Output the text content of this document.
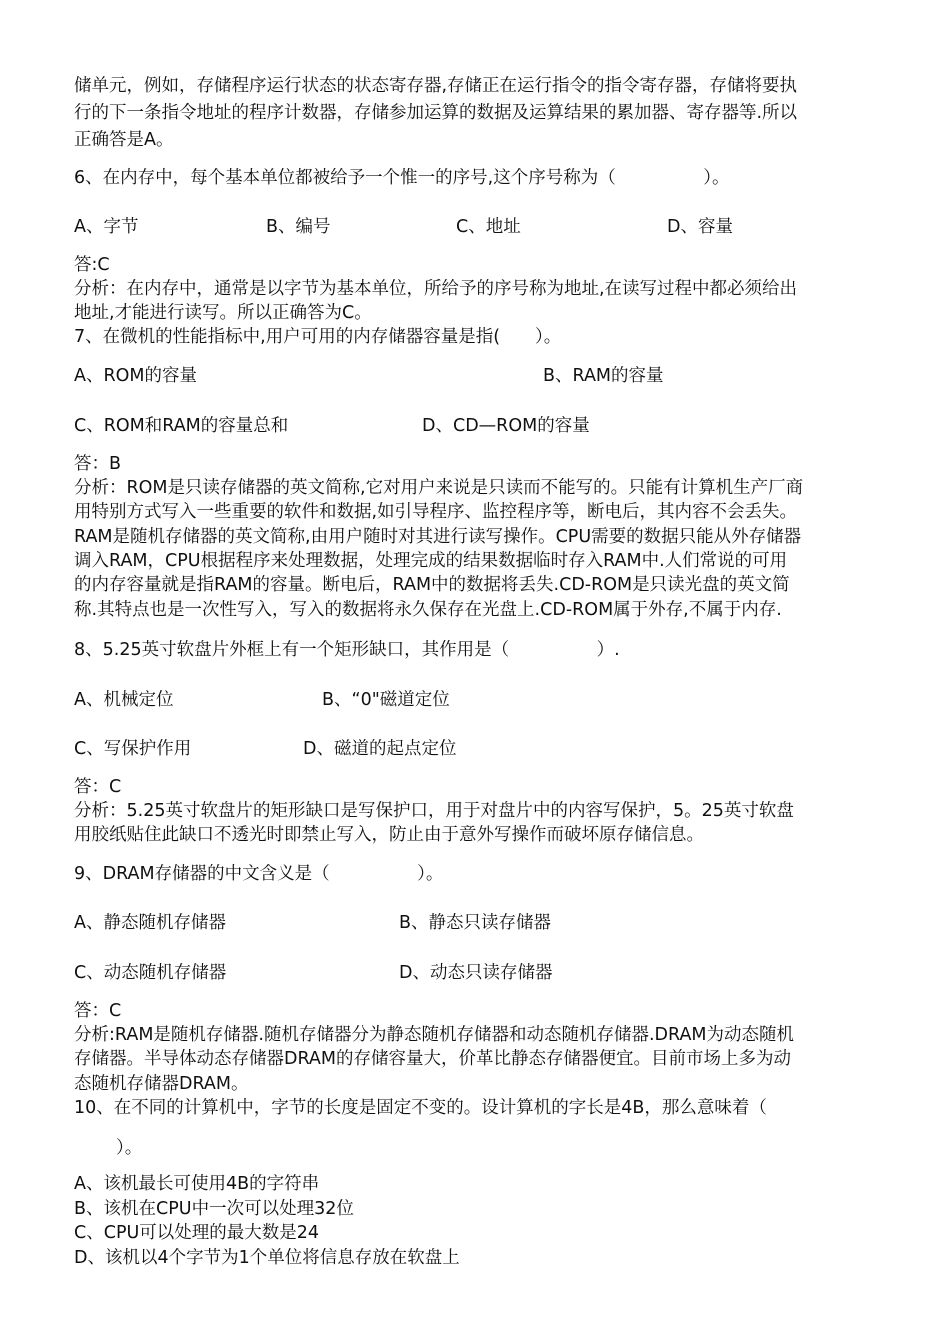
储单元，例如，存储程序运行状态的状态寄存器,存储正在运行指令的指令寄存器，存储将要执
行的下一条指令地址的程序计数器，存储参加运算的数据及运算结果的累加器、寄存器等.所以
正确答是A。
6、在内存中，每个基本单位都被给予一个惟一的序号,这个序号称为（　　　　　）。
A、字节	B、编号	C、地址	D、容量
答:C
分析：在内存中，通常是以字节为基本单位，所给予的序号称为地址,在读写过程中都必须给出
地址,才能进行读写。所以正确答为C。
7、在微机的性能指标中,用户可用的内存储器容量是指(　　）。
A、ROM的容量	B、RAM的容量
C、ROM和RAM的容量总和	D、CD—ROM的容量
答：B
分析：ROM是只读存储器的英文简称,它对用户来说是只读而不能写的。只能有计算机生产厂商
用特别方式写入一些重要的软件和数据,如引导程序、监控程序等，断电后，其内容不会丢失。
RAM是随机存储器的英文简称,由用户随时对其进行读写操作。CPU需要的数据只能从外存储器
调入RAM，CPU根据程序来处理数据，处理完成的结果数据临时存入RAM中.人们常说的可用
的内存容量就是指RAM的容量。断电后，RAM中的数据将丢失.CD-ROM是只读光盘的英文简
称.其特点也是一次性写入，写入的数据将永久保存在光盘上.CD-ROM属于外存,不属于内存.
8、5.25英寸软盘片外框上有一个矩形缺口，其作用是（　　　　　）.
A、机械定位	B、“0"磁道定位
C、写保护作用	D、磁道的起点定位
答：C
分析：5.25英寸软盘片的矩形缺口是写保护口，用于对盘片中的内容写保护，5。25英寸软盘
用胶纸贴住此缺口不透光时即禁止写入，防止由于意外写操作而破坏原存储信息。
9、DRAM存储器的中文含义是（　　　　　）。
A、静态随机存储器	B、静态只读存储器
C、动态随机存储器	D、动态只读存储器
答：C
分析:RAM是随机存储器.随机存储器分为静态随机存储器和动态随机存储器.DRAM为动态随机
存储器。半导体动态存储器DRAM的存储容量大，价革比静态存储器便宜。目前市场上多为动
态随机存储器DRAM。
10、在不同的计算机中，字节的长度是固定不变的。设计算机的字长是4B，那么意味着（
）。
A、该机最长可使用4B的字符串
B、该机在CPU中一次可以处理32位
C、CPU可以处理的最大数是24
D、该机以4个字节为1个单位将信息存放在软盘上
